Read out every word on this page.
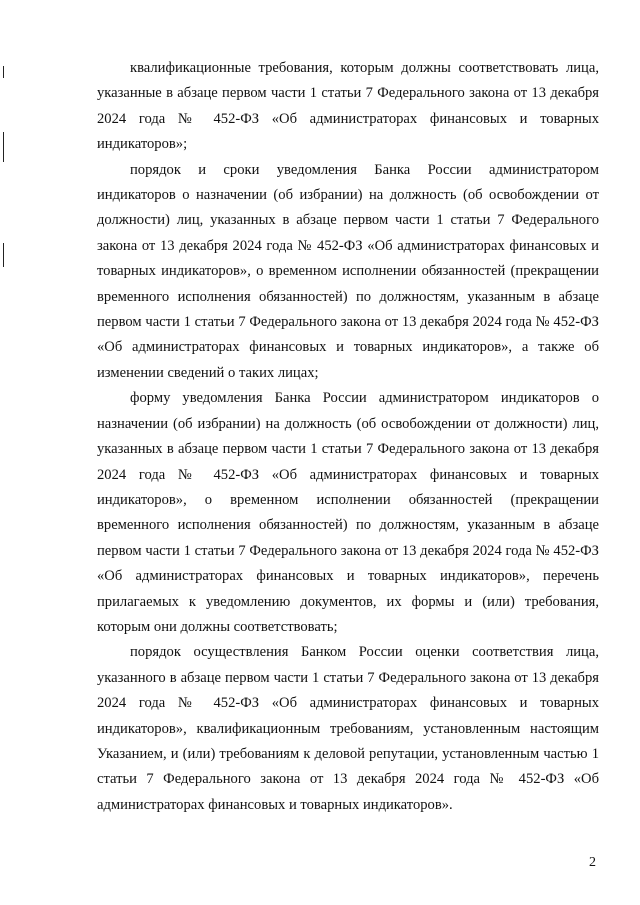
квалификационные требования, которым должны соответствовать лица, указанные в абзаце первом части 1 статьи 7 Федерального закона от 13 декабря 2024 года № 452-ФЗ «Об администраторах финансовых и товарных индикаторов»;

порядок и сроки уведомления Банка России администратором индикаторов о назначении (об избрании) на должность (об освобождении от должности) лиц, указанных в абзаце первом части 1 статьи 7 Федерального закона от 13 декабря 2024 года № 452-ФЗ «Об администраторах финансовых и товарных индикаторов», о временном исполнении обязанностей (прекращении временного исполнения обязанностей) по должностям, указанным в абзаце первом части 1 статьи 7 Федерального закона от 13 декабря 2024 года № 452-ФЗ «Об администраторах финансовых и товарных индикаторов», а также об изменении сведений о таких лицах;

форму уведомления Банка России администратором индикаторов о назначении (об избрании) на должность (об освобождении от должности) лиц, указанных в абзаце первом части 1 статьи 7 Федерального закона от 13 декабря 2024 года № 452-ФЗ «Об администраторах финансовых и товарных индикаторов», о временном исполнении обязанностей (прекращении временного исполнения обязанностей) по должностям, указанным в абзаце первом части 1 статьи 7 Федерального закона от 13 декабря 2024 года № 452-ФЗ «Об администраторах финансовых и товарных индикаторов», перечень прилагаемых к уведомлению документов, их формы и (или) требования, которым они должны соответствовать;

порядок осуществления Банком России оценки соответствия лица, указанного в абзаце первом части 1 статьи 7 Федерального закона от 13 декабря 2024 года № 452-ФЗ «Об администраторах финансовых и товарных индикаторов», квалификационным требованиям, установленным настоящим Указанием, и (или) требованиям к деловой репутации, установленным частью 1 статьи 7 Федерального закона от 13 декабря 2024 года № 452-ФЗ «Об администраторах финансовых и товарных индикаторов».

2
